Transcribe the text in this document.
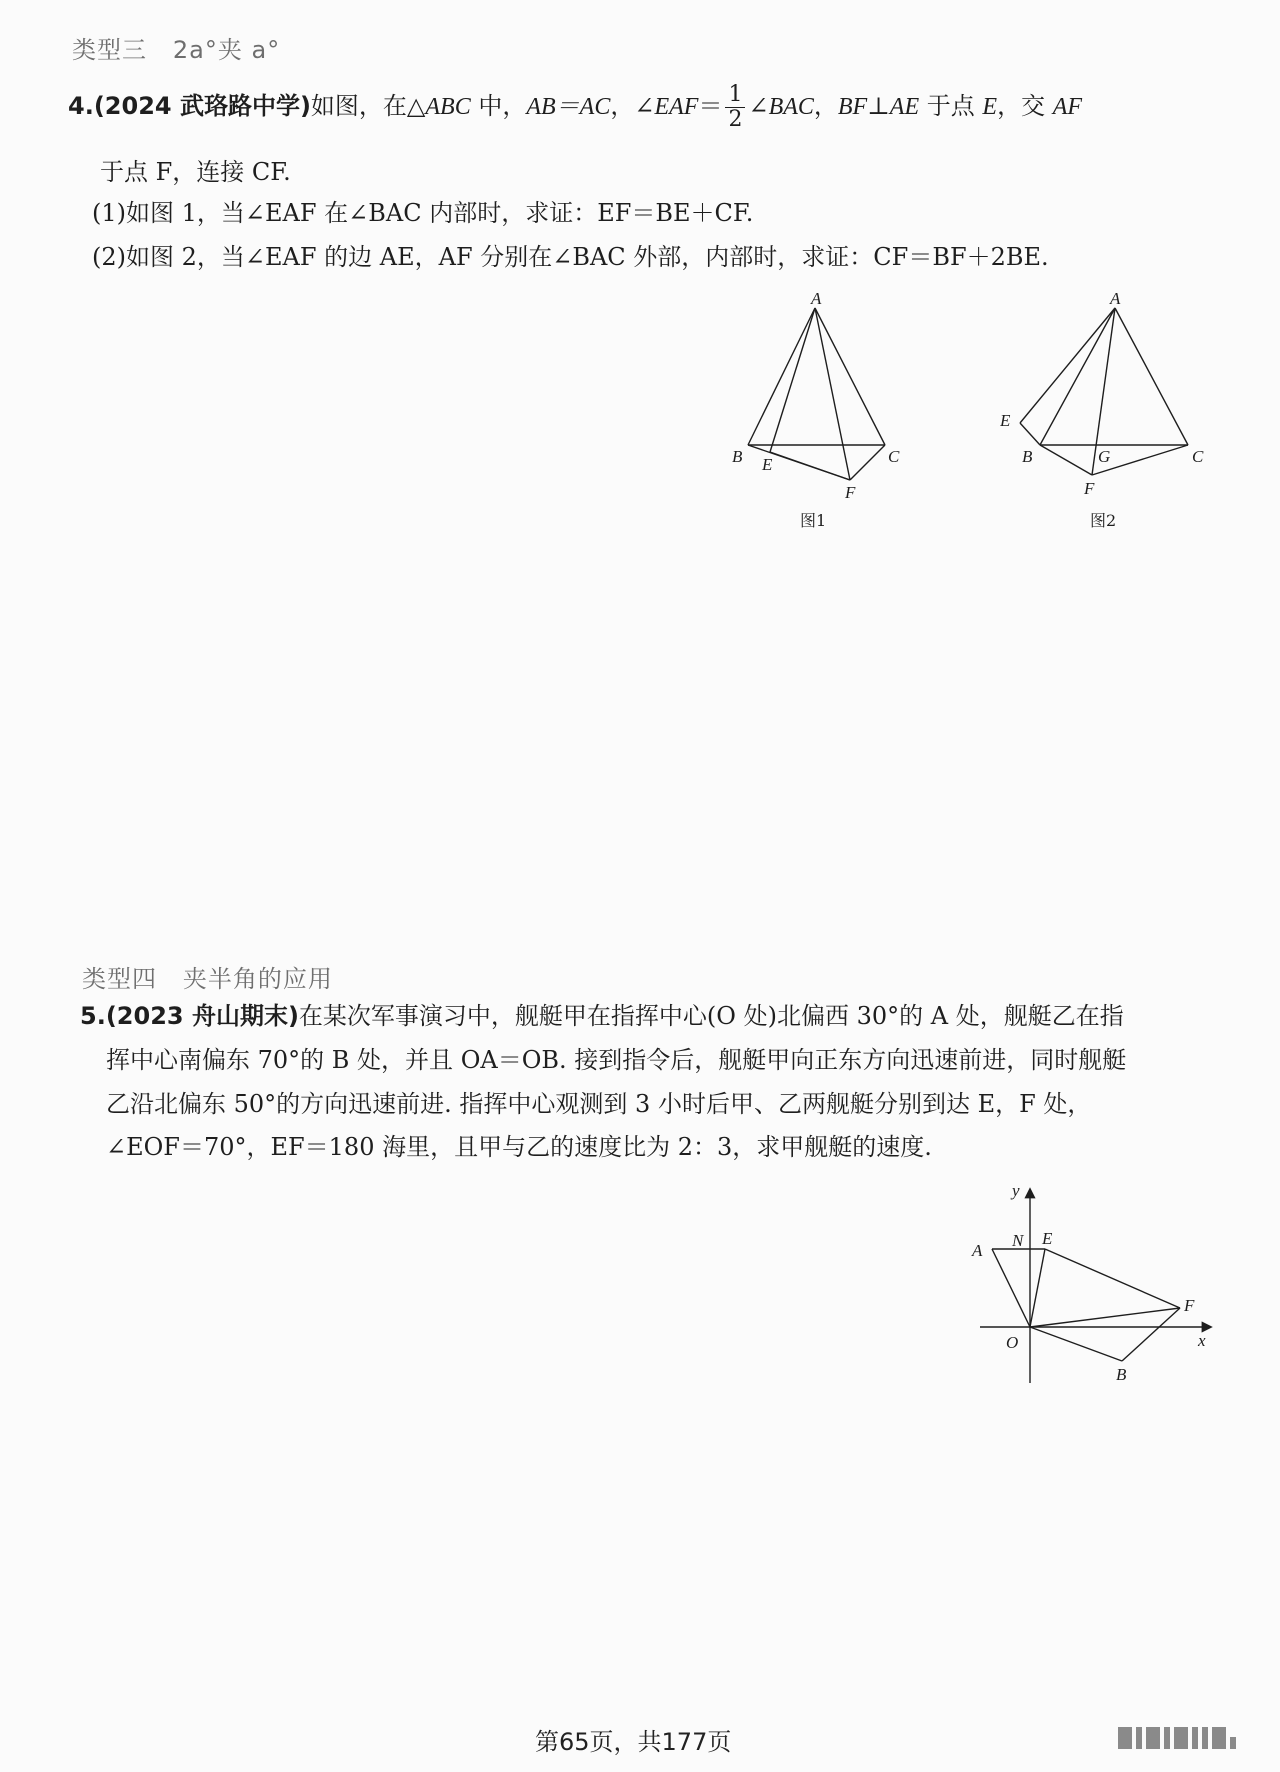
类型三   2a°夹 a°
4.(2024 武珞路中学)如图，在△ABC 中，AB＝AC，∠EAF＝ $\frac{1}{2}$ ∠BAC，BF⊥AE 于点 E，交 AF
于点 F，连接 CF.
(1)如图 1，当∠EAF 在∠BAC 内部时，求证：EF＝BE＋CF.
(2)如图 2，当∠EAF 的边 AE，AF 分别在∠BAC 外部，内部时，求证：CF＝BF＋2BE.
A
B	C
E
F
图1
A
E
B	G	C
F
图2
类型四   夹半角的应用
5.(2023 舟山期末)在某次军事演习中，舰艇甲在指挥中心(O 处)北偏西 30°的 A 处，舰艇乙在指
挥中心南偏东 70°的 B 处，并且 OA＝OB. 接到指令后，舰艇甲向正东方向迅速前进，同时舰艇
乙沿北偏东 50°的方向迅速前进. 指挥中心观测到 3 小时后甲、乙两舰艇分别到达 E，F 处，
∠EOF＝70°，EF＝180 海里，且甲与乙的速度比为 2：3，求甲舰艇的速度.
y
N E
A
F
O	x
B
第65页，共177页
